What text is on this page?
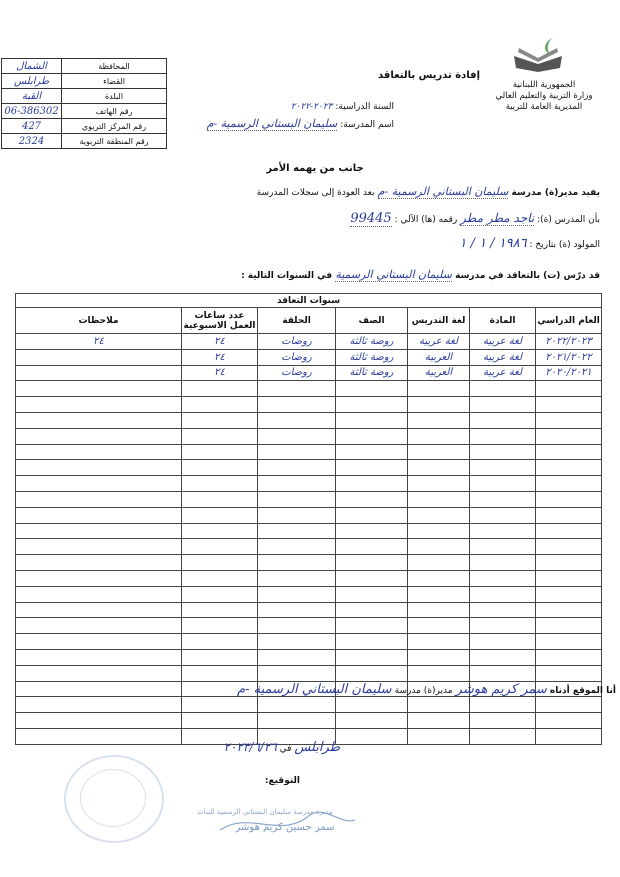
الجمهورية اللبنانية
وزارة التربية والتعليم العالي
المديرية العامة للتربية
إفادة تدريس بالتعاقد
السنة الدراسية: ٢٠٢٣-٢٠٢٢
اسم المدرسة: سليمان البستاني الرسمية -م
الشمال	المحافظة
طرابلس	القضاء
القبة	البلدة
06-386302	رقم الهاتف
427	رقم المركز التربوي
2324	رقم المنطقة التربوية
جانب من يهمه الأمر
يفيد مدير(ة) مدرسة سليمان البستاني الرسمية -م بعد العودة إلى سجلات المدرسة
بأن المدرس (ة): ناجد مطر مطر رقمه (ها) الآلي : 99445
المولود (ة) بتاريخ : ١٩٨٦ / ١ / ١
قد درّس (ت) بالتعاقد في مدرسة سليمان البستاني الرسمية في السنوات التالية :
سنوات التعاقد						
العام الدراسي	المادة	لغة التدريس	الصف	الحلقة	عدد ساعات العمل الاسبوعية	ملاحظات
٢٠٢٢/٢٠٢٣	لغة عربية	لغة عربية	روضة ثالثة	روضات	٢٤	٢٤
٢٠٢١/٢٠٢٢	لغة عربية	العربية	روضة ثالثة	روضات	٢٤	
٢٠٢٠/٢٠٢١	لغة عربية	العربية	روضة ثالثة	روضات	٢٤	

أنا الموقع أدناه سمر كريم هوشر مدير(ة) مدرسة سليمان البستاني الرسمية -م
طرابلس في ٢٠٢٣/٦/٢٦
التوقيع:
مديرة مدرسة سليمان البستاني الرسمية للبنات
سمر حسين كريم هوشر
